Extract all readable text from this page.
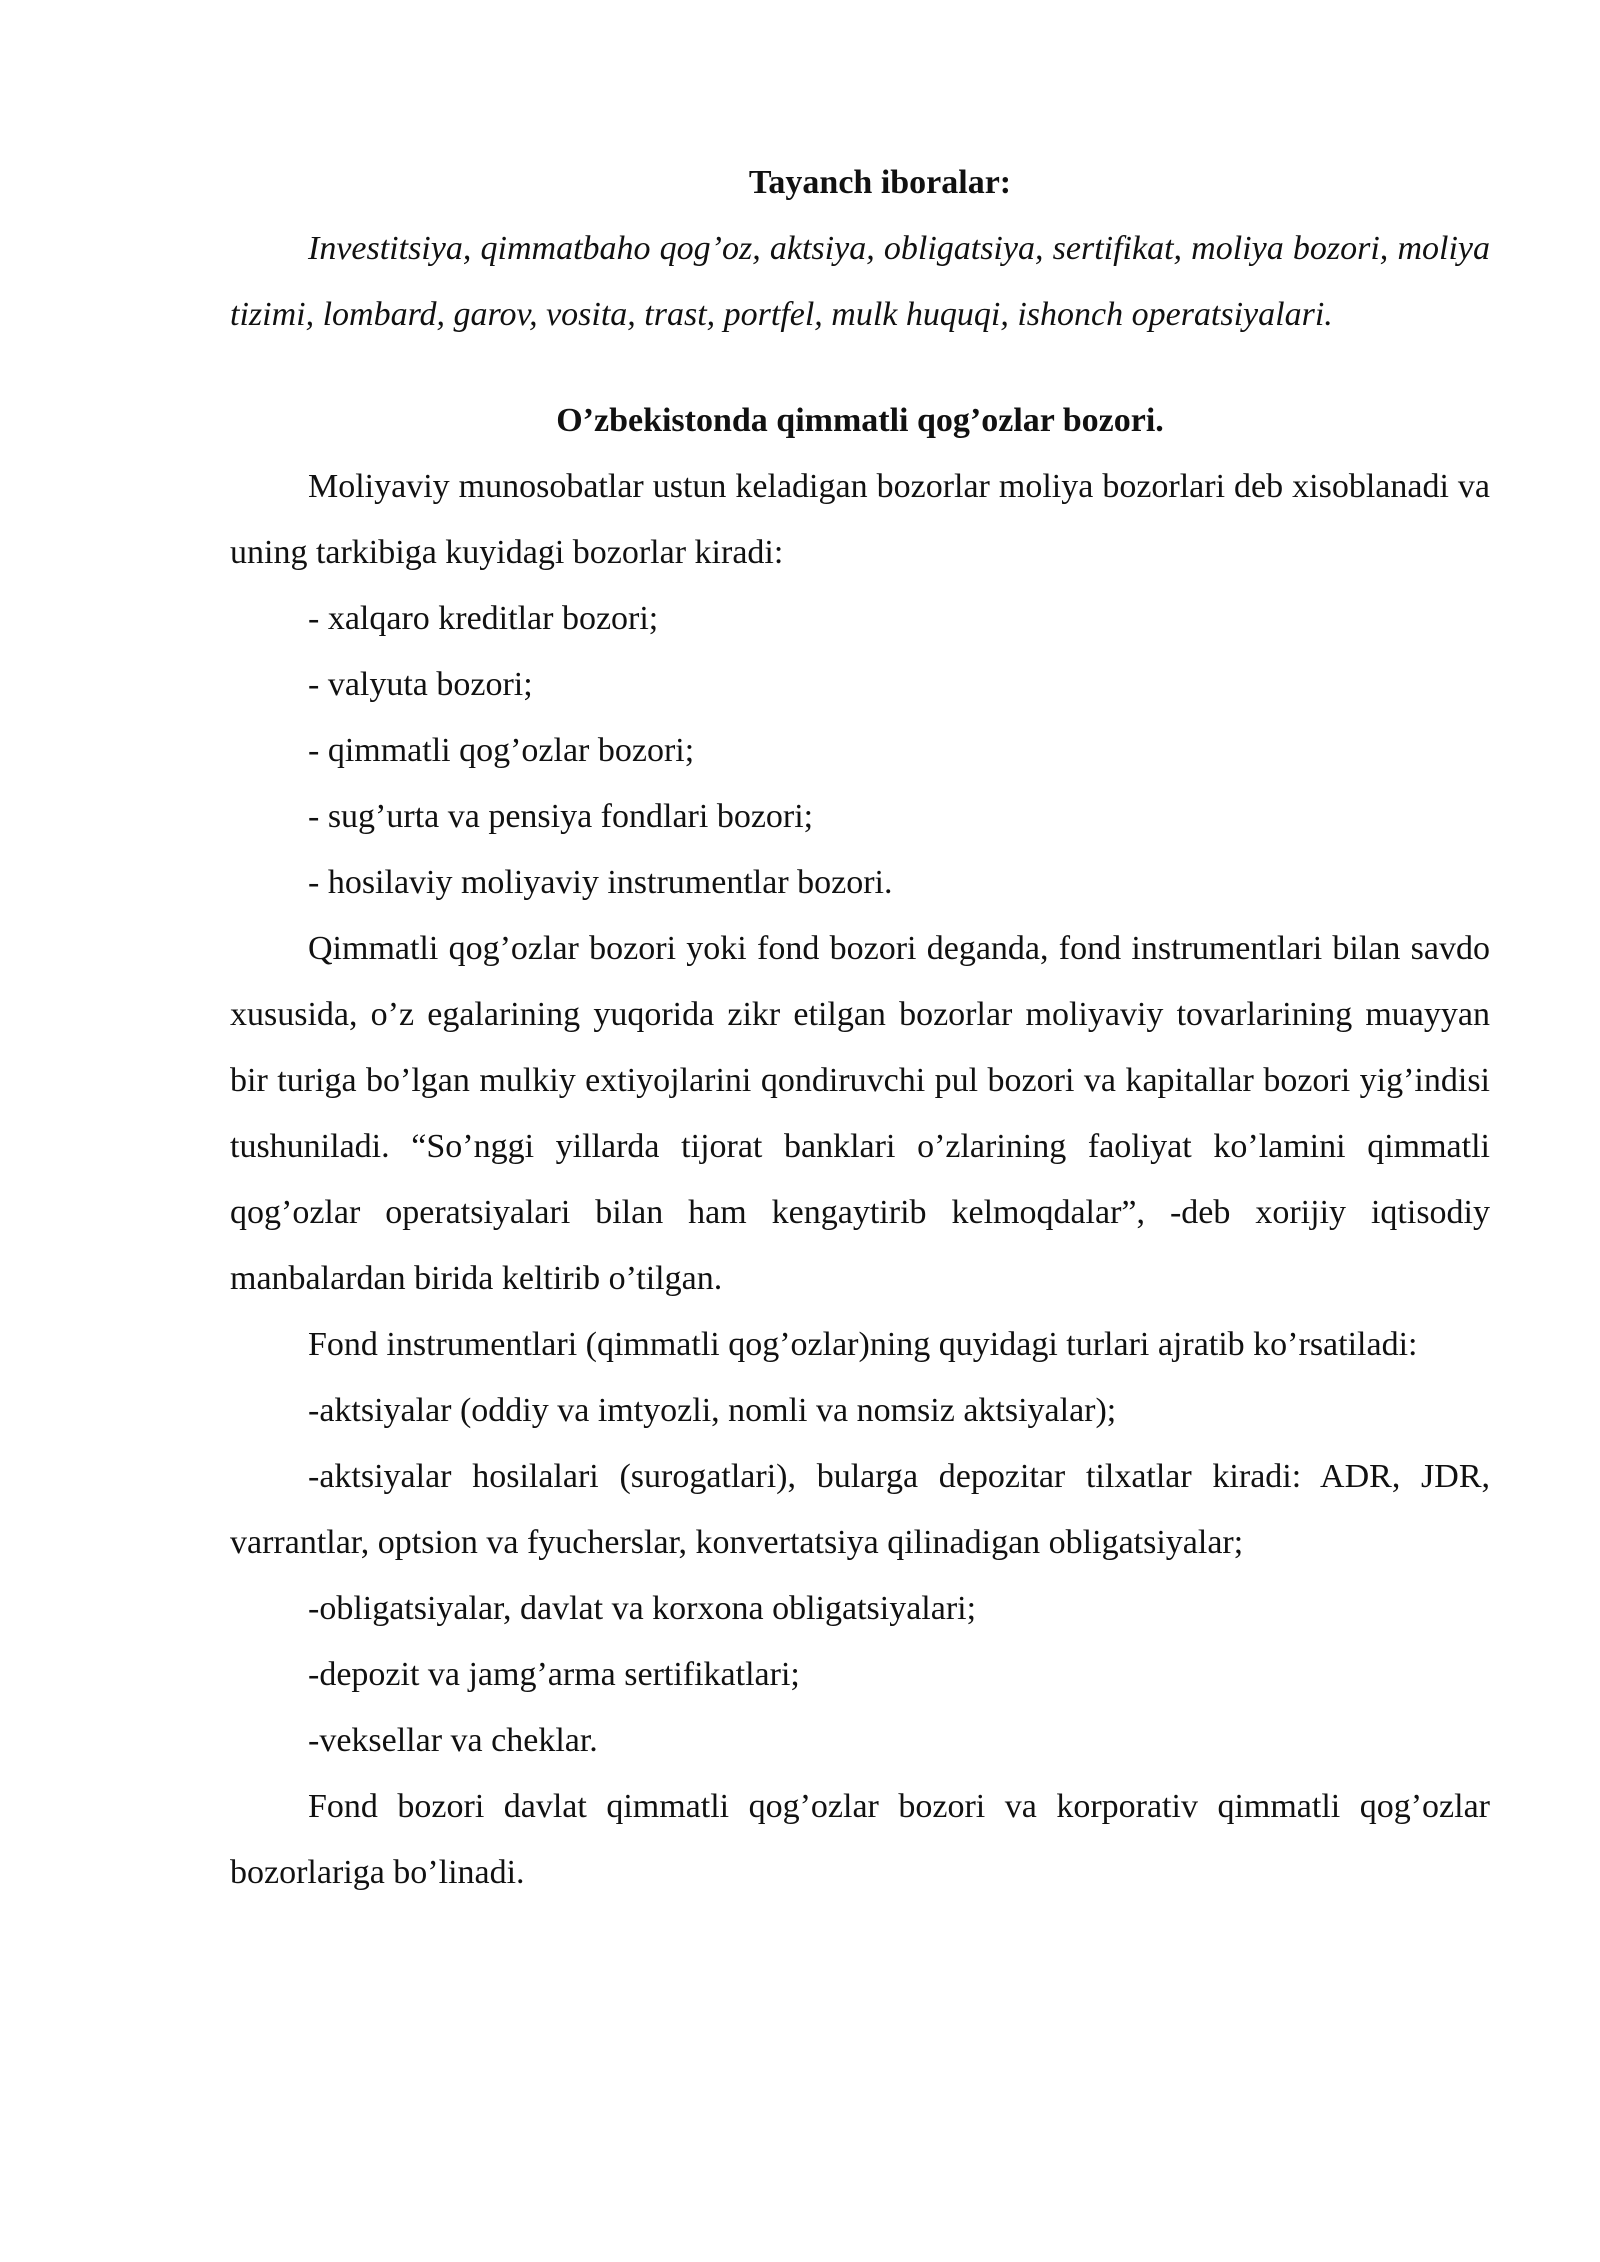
Tayanch iboralar:

Investitsiya, qimmatbaho qog’oz, aktsiya, obligatsiya, sertifikat, moliya bozori, moliya tizimi, lombard, garov, vosita, trast, portfel, mulk huquqi, ishonch operatsiyalari.

O’zbekistonda qimmatli qog’ozlar bozori.

Moliyaviy munosobatlar ustun keladigan bozorlar moliya bozorlari deb xisoblanadi va uning tarkibiga kuyidagi bozorlar kiradi:

- xalqaro kreditlar bozori;

- valyuta bozori;

- qimmatli qog’ozlar bozori;

- sug’urta va pensiya fondlari bozori;

- hosilaviy moliyaviy instrumentlar bozori.

Qimmatli qog’ozlar bozori yoki fond bozori deganda, fond instrumentlari bilan savdo xususida, o’z egalarining yuqorida zikr etilgan bozorlar moliyaviy tovarlarining muayyan bir turiga bo’lgan mulkiy extiyojlarini qondiruvchi pul bozori va kapitallar bozori yig’indisi tushuniladi. “So’nggi yillarda tijorat banklari o’zlarining faoliyat ko’lamini qimmatli qog’ozlar operatsiyalari bilan ham kengaytirib kelmoqdalar”, -deb xorijiy iqtisodiy manbalardan birida keltirib o’tilgan.

Fond instrumentlari (qimmatli qog’ozlar)ning quyidagi turlari ajratib ko’rsatiladi:

-aktsiyalar (oddiy va imtyozli, nomli va nomsiz aktsiyalar);

-aktsiyalar hosilalari (surogatlari), bularga depozitar tilxatlar kiradi: ADR, JDR, varrantlar, optsion va fyucherslar, konvertatsiya qilinadigan obligatsiyalar;

-obligatsiyalar, davlat va korxona obligatsiyalari;

-depozit va jamg’arma sertifikatlari;

-veksellar va cheklar.

Fond bozori davlat qimmatli qog’ozlar bozori va korporativ qimmatli qog’ozlar bozorlariga bo’linadi.
